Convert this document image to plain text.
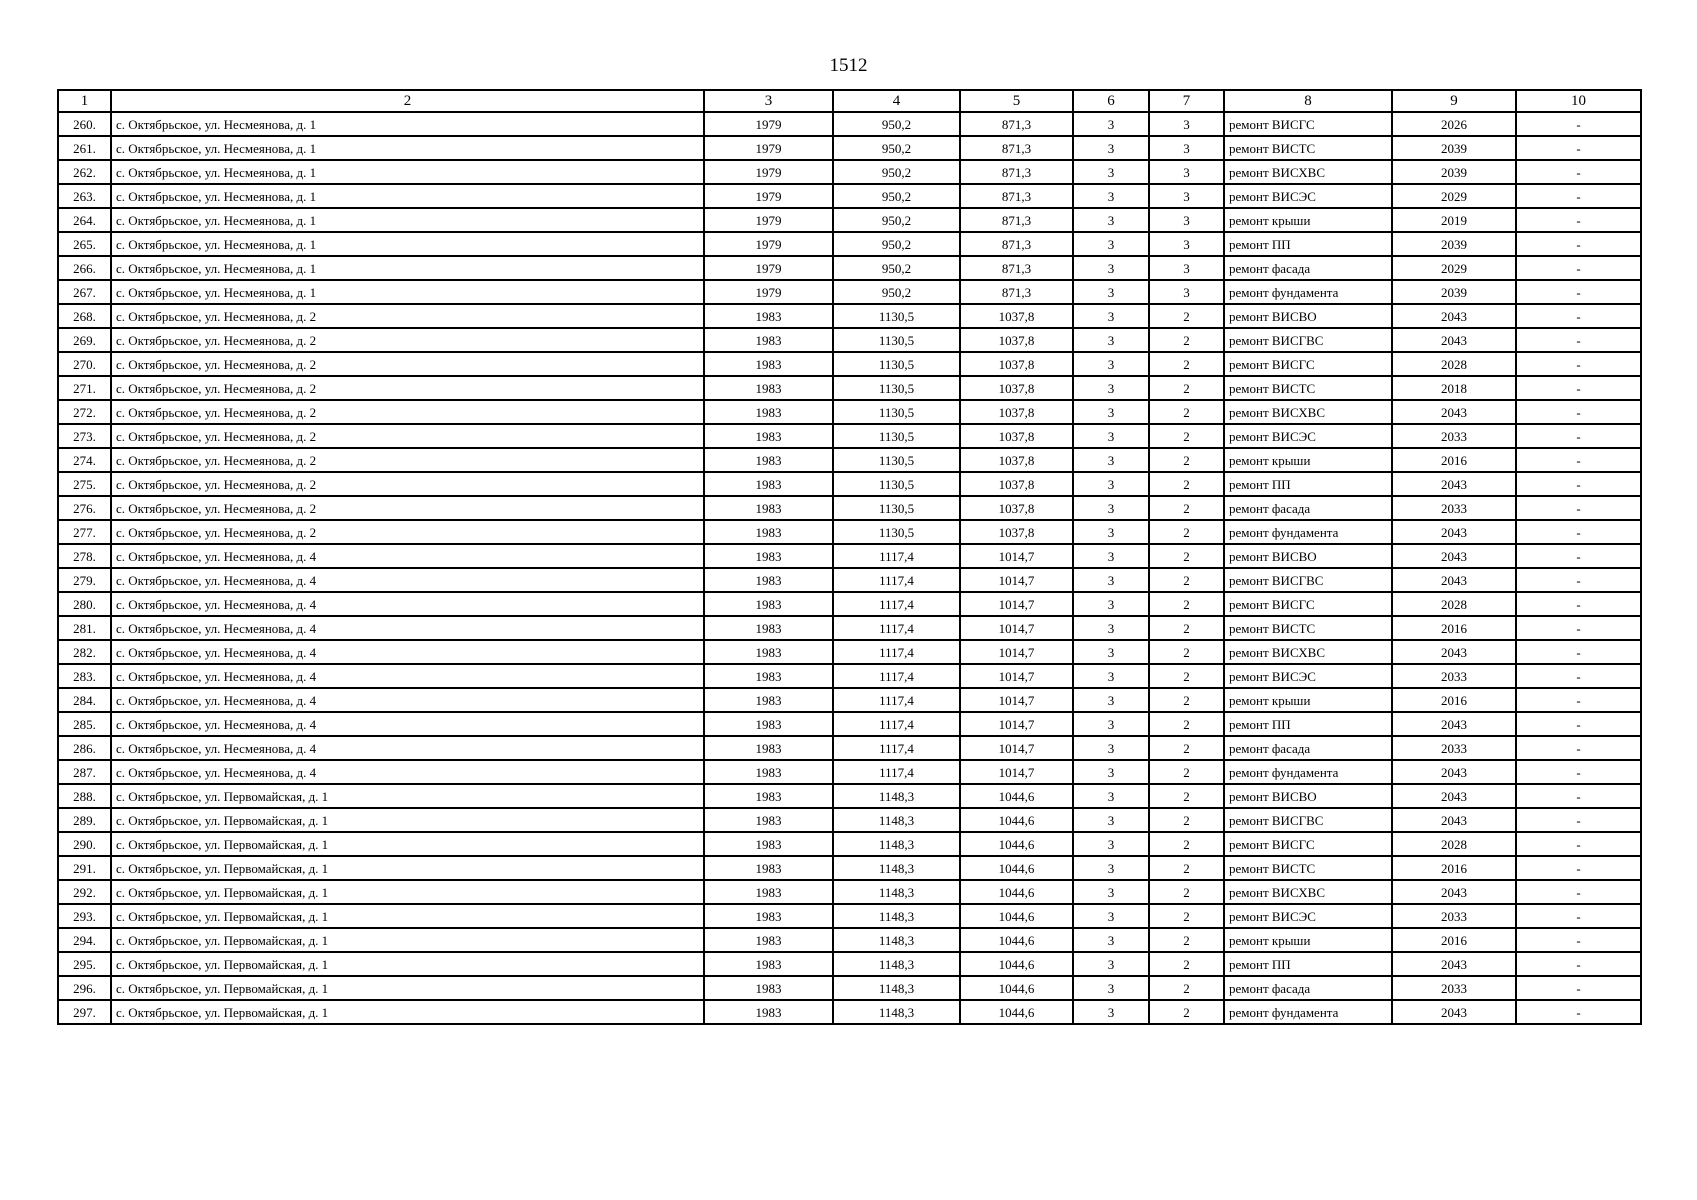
1512
1	2	3	4	5	6	7	8	9	10
260.	с. Октябрьское, ул. Несмеянова, д. 1	1979	950,2	871,3	3	3	ремонт ВИСГС	2026	-
261.	с. Октябрьское, ул. Несмеянова, д. 1	1979	950,2	871,3	3	3	ремонт ВИСТС	2039	-
262.	с. Октябрьское, ул. Несмеянова, д. 1	1979	950,2	871,3	3	3	ремонт ВИСХВС	2039	-
263.	с. Октябрьское, ул. Несмеянова, д. 1	1979	950,2	871,3	3	3	ремонт ВИСЭС	2029	-
264.	с. Октябрьское, ул. Несмеянова, д. 1	1979	950,2	871,3	3	3	ремонт крыши	2019	-
265.	с. Октябрьское, ул. Несмеянова, д. 1	1979	950,2	871,3	3	3	ремонт ПП	2039	-
266.	с. Октябрьское, ул. Несмеянова, д. 1	1979	950,2	871,3	3	3	ремонт фасада	2029	-
267.	с. Октябрьское, ул. Несмеянова, д. 1	1979	950,2	871,3	3	3	ремонт фундамента	2039	-
268.	с. Октябрьское, ул. Несмеянова, д. 2	1983	1130,5	1037,8	3	2	ремонт ВИСВО	2043	-
269.	с. Октябрьское, ул. Несмеянова, д. 2	1983	1130,5	1037,8	3	2	ремонт ВИСГВС	2043	-
270.	с. Октябрьское, ул. Несмеянова, д. 2	1983	1130,5	1037,8	3	2	ремонт ВИСГС	2028	-
271.	с. Октябрьское, ул. Несмеянова, д. 2	1983	1130,5	1037,8	3	2	ремонт ВИСТС	2018	-
272.	с. Октябрьское, ул. Несмеянова, д. 2	1983	1130,5	1037,8	3	2	ремонт ВИСХВС	2043	-
273.	с. Октябрьское, ул. Несмеянова, д. 2	1983	1130,5	1037,8	3	2	ремонт ВИСЭС	2033	-
274.	с. Октябрьское, ул. Несмеянова, д. 2	1983	1130,5	1037,8	3	2	ремонт крыши	2016	-
275.	с. Октябрьское, ул. Несмеянова, д. 2	1983	1130,5	1037,8	3	2	ремонт ПП	2043	-
276.	с. Октябрьское, ул. Несмеянова, д. 2	1983	1130,5	1037,8	3	2	ремонт фасада	2033	-
277.	с. Октябрьское, ул. Несмеянова, д. 2	1983	1130,5	1037,8	3	2	ремонт фундамента	2043	-
278.	с. Октябрьское, ул. Несмеянова, д. 4	1983	1117,4	1014,7	3	2	ремонт ВИСВО	2043	-
279.	с. Октябрьское, ул. Несмеянова, д. 4	1983	1117,4	1014,7	3	2	ремонт ВИСГВС	2043	-
280.	с. Октябрьское, ул. Несмеянова, д. 4	1983	1117,4	1014,7	3	2	ремонт ВИСГС	2028	-
281.	с. Октябрьское, ул. Несмеянова, д. 4	1983	1117,4	1014,7	3	2	ремонт ВИСТС	2016	-
282.	с. Октябрьское, ул. Несмеянова, д. 4	1983	1117,4	1014,7	3	2	ремонт ВИСХВС	2043	-
283.	с. Октябрьское, ул. Несмеянова, д. 4	1983	1117,4	1014,7	3	2	ремонт ВИСЭС	2033	-
284.	с. Октябрьское, ул. Несмеянова, д. 4	1983	1117,4	1014,7	3	2	ремонт крыши	2016	-
285.	с. Октябрьское, ул. Несмеянова, д. 4	1983	1117,4	1014,7	3	2	ремонт ПП	2043	-
286.	с. Октябрьское, ул. Несмеянова, д. 4	1983	1117,4	1014,7	3	2	ремонт фасада	2033	-
287.	с. Октябрьское, ул. Несмеянова, д. 4	1983	1117,4	1014,7	3	2	ремонт фундамента	2043	-
288.	с. Октябрьское, ул. Первомайская, д. 1	1983	1148,3	1044,6	3	2	ремонт ВИСВО	2043	-
289.	с. Октябрьское, ул. Первомайская, д. 1	1983	1148,3	1044,6	3	2	ремонт ВИСГВС	2043	-
290.	с. Октябрьское, ул. Первомайская, д. 1	1983	1148,3	1044,6	3	2	ремонт ВИСГС	2028	-
291.	с. Октябрьское, ул. Первомайская, д. 1	1983	1148,3	1044,6	3	2	ремонт ВИСТС	2016	-
292.	с. Октябрьское, ул. Первомайская, д. 1	1983	1148,3	1044,6	3	2	ремонт ВИСХВС	2043	-
293.	с. Октябрьское, ул. Первомайская, д. 1	1983	1148,3	1044,6	3	2	ремонт ВИСЭС	2033	-
294.	с. Октябрьское, ул. Первомайская, д. 1	1983	1148,3	1044,6	3	2	ремонт крыши	2016	-
295.	с. Октябрьское, ул. Первомайская, д. 1	1983	1148,3	1044,6	3	2	ремонт ПП	2043	-
296.	с. Октябрьское, ул. Первомайская, д. 1	1983	1148,3	1044,6	3	2	ремонт фасада	2033	-
297.	с. Октябрьское, ул. Первомайская, д. 1	1983	1148,3	1044,6	3	2	ремонт фундамента	2043	-
